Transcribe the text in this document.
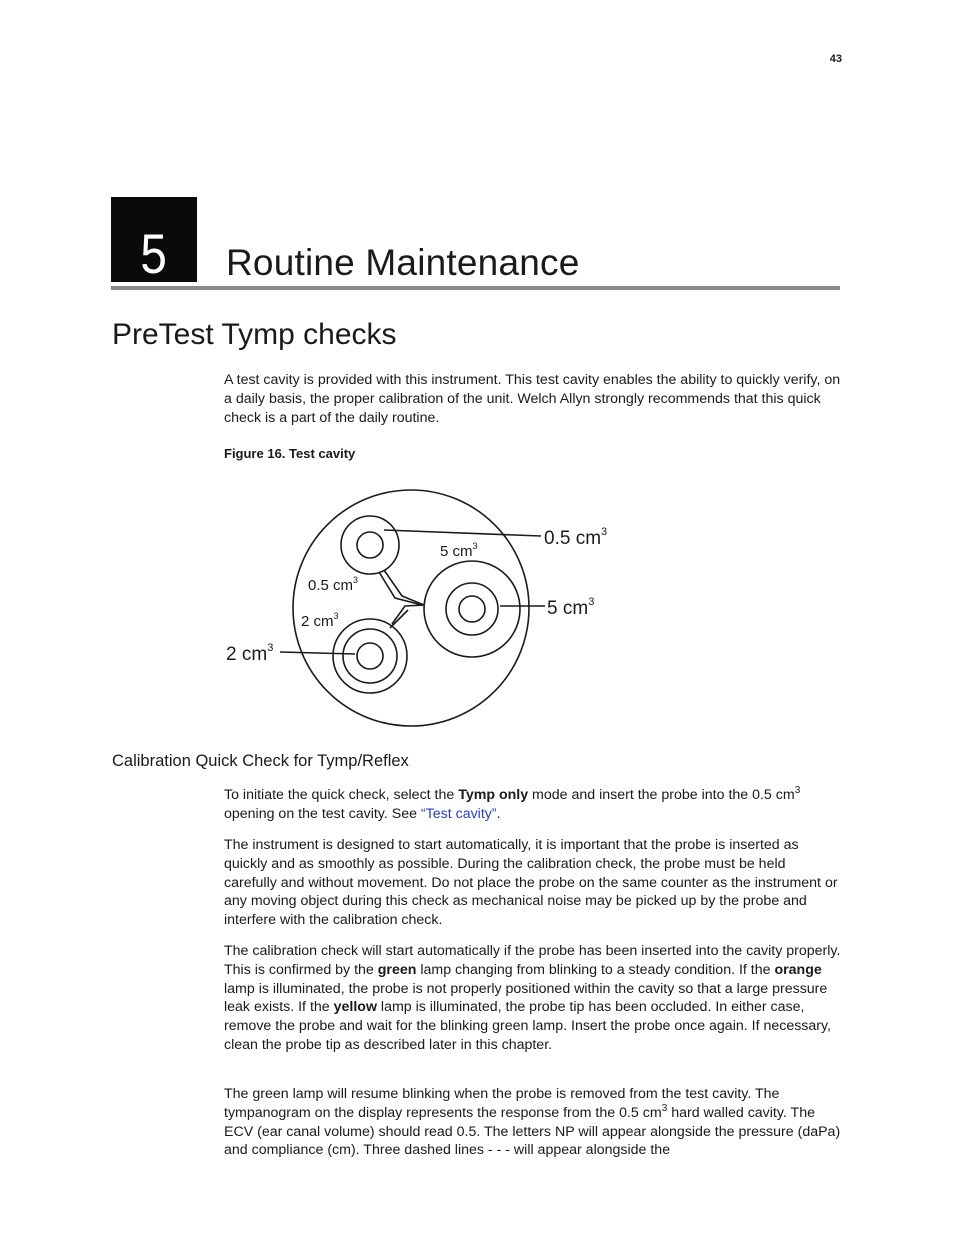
43
5 Routine Maintenance
PreTest Tymp checks

A test cavity is provided with this instrument. This test cavity enables the ability to quickly verify, on a daily basis, the proper calibration of the unit. Welch Allyn strongly recommends that this quick check is a part of the daily routine.

Figure 16. Test cavity
0.5 $cm^3$
5 $cm^3$
2 $cm^3$
5 $cm^3$
0.5 $cm^3$
2 $cm^3$
Calibration Quick Check for Tymp/Reflex

To initiate the quick check, select the Tymp only mode and insert the probe into the 0.5 $cm^3$ opening on the test cavity. See “Test cavity”.

The instrument is designed to start automatically, it is important that the probe is inserted as quickly and as smoothly as possible. During the calibration check, the probe must be held carefully and without movement. Do not place the probe on the same counter as the instrument or any moving object during this check as mechanical noise may be picked up by the probe and interfere with the calibration check.

The calibration check will start automatically if the probe has been inserted into the cavity properly. This is confirmed by the green lamp changing from blinking to a steady condition. If the orange lamp is illuminated, the probe is not properly positioned within the cavity so that a large pressure leak exists. If the yellow lamp is illuminated, the probe tip has been occluded. In either case, remove the probe and wait for the blinking green lamp. Insert the probe once again. If necessary, clean the probe tip as described later in this chapter.

The green lamp will resume blinking when the probe is removed from the test cavity. The tympanogram on the display represents the response from the 0.5 $cm^3$ hard walled cavity. The ECV (ear canal volume) should read 0.5. The letters NP will appear alongside the pressure (daPa) and compliance (cm). Three dashed lines - - - will appear alongside the
